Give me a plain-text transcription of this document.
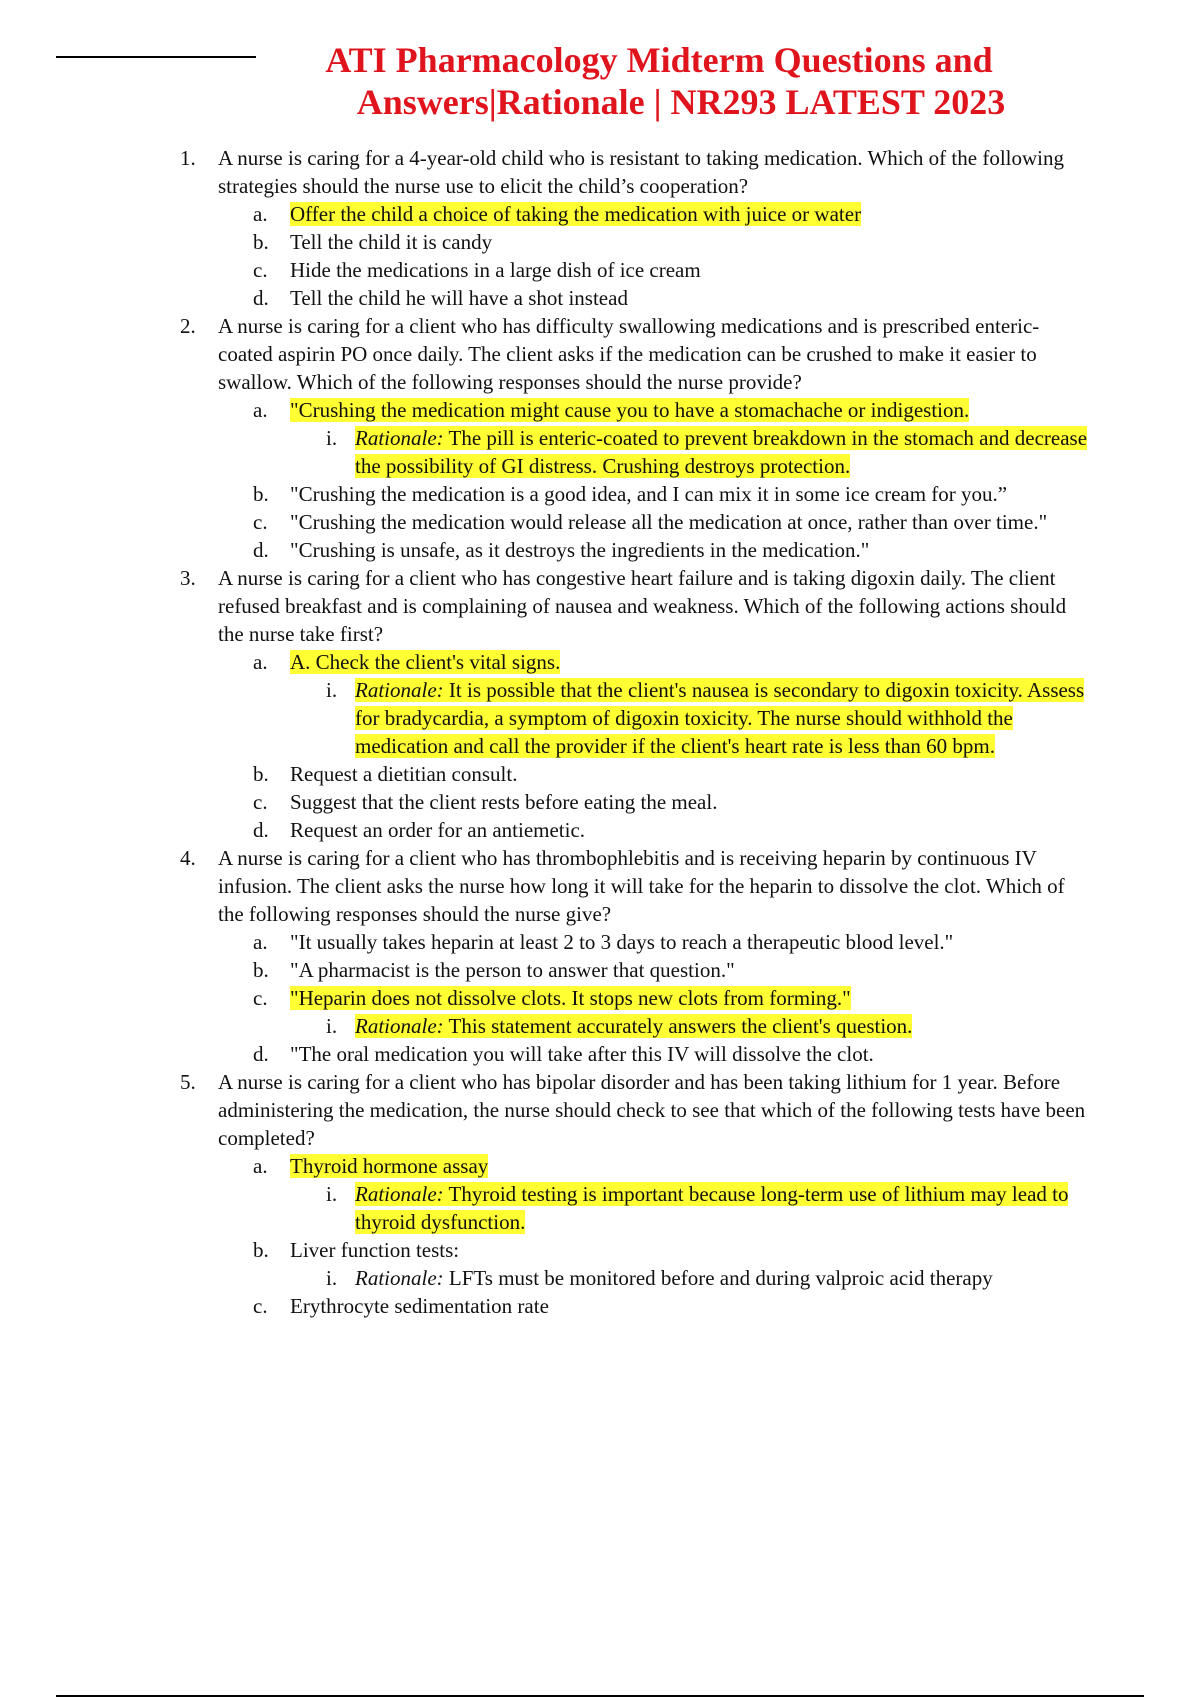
ATI Pharmacology Midterm Questions and
Answers|Rationale | NR293 LATEST 2023
1. A nurse is caring for a 4-year-old child who is resistant to taking medication. Which of the following strategies should the nurse use to elicit the child’s cooperation?
a. Offer the child a choice of taking the medication with juice or water
b. Tell the child it is candy
c. Hide the medications in a large dish of ice cream
d. Tell the child he will have a shot instead
2. A nurse is caring for a client who has difficulty swallowing medications and is prescribed enteric-coated aspirin PO once daily. The client asks if the medication can be crushed to make it easier to swallow. Which of the following responses should the nurse provide?
a. "Crushing the medication might cause you to have a stomachache or indigestion.
i. Rationale: The pill is enteric-coated to prevent breakdown in the stomach and decrease the possibility of GI distress. Crushing destroys protection.
b. "Crushing the medication is a good idea, and I can mix it in some ice cream for you.”
c. "Crushing the medication would release all the medication at once, rather than over time."
d. "Crushing is unsafe, as it destroys the ingredients in the medication."
3. A nurse is caring for a client who has congestive heart failure and is taking digoxin daily. The client refused breakfast and is complaining of nausea and weakness. Which of the following actions should the nurse take first?
a. A. Check the client's vital signs.
i. Rationale: It is possible that the client's nausea is secondary to digoxin toxicity. Assess for bradycardia, a symptom of digoxin toxicity. The nurse should withhold the medication and call the provider if the client's heart rate is less than 60 bpm.
b. Request a dietitian consult.
c. Suggest that the client rests before eating the meal.
d. Request an order for an antiemetic.
4. A nurse is caring for a client who has thrombophlebitis and is receiving heparin by continuous IV infusion. The client asks the nurse how long it will take for the heparin to dissolve the clot. Which of the following responses should the nurse give?
a. "It usually takes heparin at least 2 to 3 days to reach a therapeutic blood level."
b. "A pharmacist is the person to answer that question."
c. "Heparin does not dissolve clots. It stops new clots from forming."
i. Rationale: This statement accurately answers the client's question.
d. "The oral medication you will take after this IV will dissolve the clot.
5. A nurse is caring for a client who has bipolar disorder and has been taking lithium for 1 year. Before administering the medication, the nurse should check to see that which of the following tests have been completed?
a. Thyroid hormone assay
i. Rationale: Thyroid testing is important because long-term use of lithium may lead to thyroid dysfunction.
b. Liver function tests:
i. Rationale: LFTs must be monitored before and during valproic acid therapy
c. Erythrocyte sedimentation rate
